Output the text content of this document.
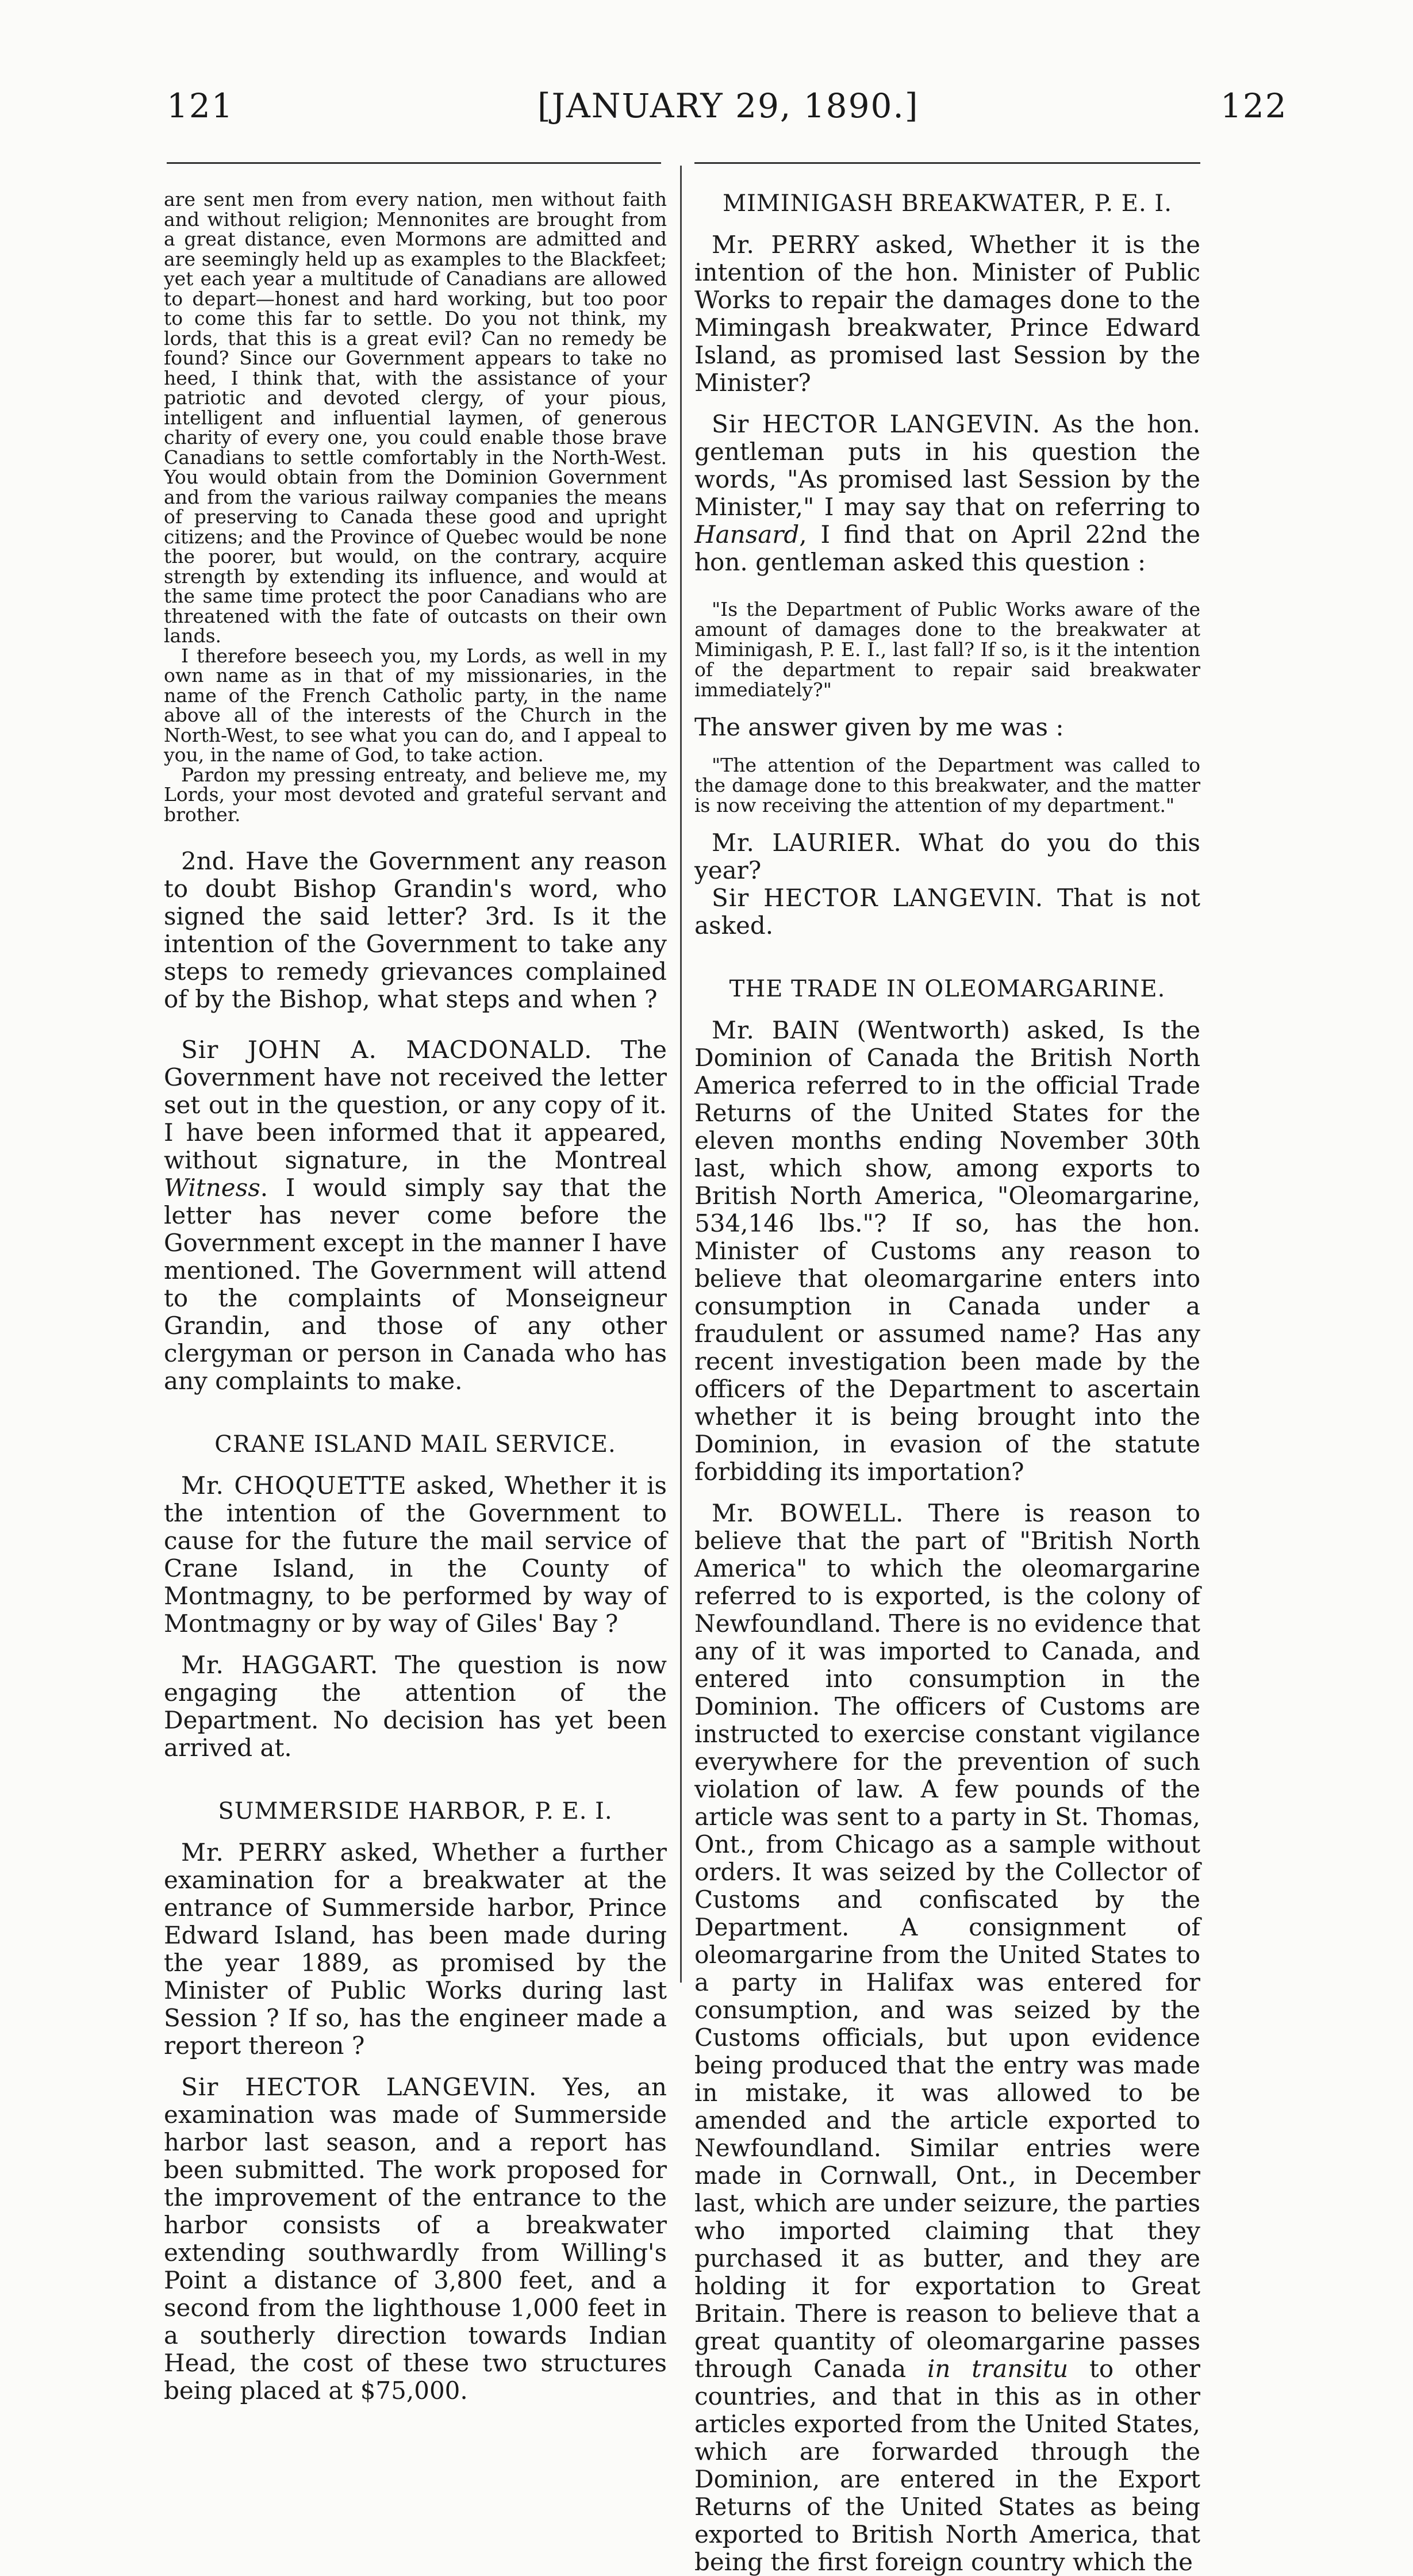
121	[JANUARY 29, 1890.]	122

are sent men from every nation, men without faith and without religion; Mennonites are brought from a great distance, even Mormons are admitted and are seemingly held up as examples to the Blackfeet; yet each year a multitude of Canadians are allowed to depart—honest and hard working, but too poor to come this far to settle. Do you not think, my lords, that this is a great evil? Can no remedy be found? Since our Government appears to take no heed, I think that, with the assistance of your patriotic and devoted clergy, of your pious, intelligent and influential laymen, of generous charity of every one, you could enable those brave Canadians to settle comfortably in the North-West. You would obtain from the Dominion Government and from the various railway companies the means of preserving to Canada these good and upright citizens; and the Province of Quebec would be none the poorer, but would, on the contrary, acquire strength by extending its influence, and would at the same time protect the poor Canadians who are threatened with the fate of outcasts on their own lands.

I therefore beseech you, my Lords, as well in my own name as in that of my missionaries, in the name of the French Catholic party, in the name above all of the interests of the Church in the North-West, to see what you can do, and I appeal to you, in the name of God, to take action.

Pardon my pressing entreaty, and believe me, my Lords, your most devoted and grateful servant and brother.

2nd. Have the Government any reason to doubt Bishop Grandin's word, who signed the said letter? 3rd. Is it the intention of the Government to take any steps to remedy grievances complained of by the Bishop, what steps and when ?

Sir JOHN A. MACDONALD. The Government have not received the letter set out in the question, or any copy of it. I have been informed that it appeared, without signature, in the Montreal Witness. I would simply say that the letter has never come before the Government except in the manner I have mentioned. The Government will attend to the complaints of Monseigneur Grandin, and those of any other clergyman or person in Canada who has any complaints to make.

CRANE ISLAND MAIL SERVICE.

Mr. CHOQUETTE asked, Whether it is the intention of the Government to cause for the future the mail service of Crane Island, in the County of Montmagny, to be performed by way of Montmagny or by way of Giles' Bay ?

Mr. HAGGART. The question is now engaging the attention of the Department. No decision has yet been arrived at.

SUMMERSIDE HARBOR, P. E. I.

Mr. PERRY asked, Whether a further examination for a breakwater at the entrance of Summerside harbor, Prince Edward Island, has been made during the year 1889, as promised by the Minister of Public Works during last Session ? If so, has the engineer made a report thereon ?

Sir HECTOR LANGEVIN. Yes, an examination was made of Summerside harbor last season, and a report has been submitted. The work proposed for the improvement of the entrance to the harbor consists of a breakwater extending southwardly from Willing's Point a distance of 3,800 feet, and a second from the lighthouse 1,000 feet in a southerly direction towards Indian Head, the cost of these two structures being placed at $75,000.

MIMINIGASH BREAKWATER, P. E. I.

Mr. PERRY asked, Whether it is the intention of the hon. Minister of Public Works to repair the damages done to the Mimingash breakwater, Prince Edward Island, as promised last Session by the Minister?

Sir HECTOR LANGEVIN. As the hon. gentleman puts in his question the words, "As promised last Session by the Minister," I may say that on referring to Hansard, I find that on April 22nd the hon. gentleman asked this question :

"Is the Department of Public Works aware of the amount of damages done to the breakwater at Miminigash, P. E. I., last fall? If so, is it the intention of the department to repair said breakwater immediately?"

The answer given by me was :

"The attention of the Department was called to the damage done to this breakwater, and the matter is now receiving the attention of my department."

Mr. LAURIER. What do you do this year?

Sir HECTOR LANGEVIN. That is not asked.

THE TRADE IN OLEOMARGARINE.

Mr. BAIN (Wentworth) asked, Is the Dominion of Canada the British North America referred to in the official Trade Returns of the United States for the eleven months ending November 30th last, which show, among exports to British North America, "Oleomargarine, 534,146 lbs."? If so, has the hon. Minister of Customs any reason to believe that oleomargarine enters into consumption in Canada under a fraudulent or assumed name? Has any recent investigation been made by the officers of the Department to ascertain whether it is being brought into the Dominion, in evasion of the statute forbidding its importation?

Mr. BOWELL. There is reason to believe that the part of "British North America" to which the oleomargarine referred to is exported, is the colony of Newfoundland. There is no evidence that any of it was imported to Canada, and entered into consumption in the Dominion. The officers of Customs are instructed to exercise constant vigilance everywhere for the prevention of such violation of law. A few pounds of the article was sent to a party in St. Thomas, Ont., from Chicago as a sample without orders. It was seized by the Collector of Customs and confiscated by the Department. A consignment of oleomargarine from the United States to a party in Halifax was entered for consumption, and was seized by the Customs officials, but upon evidence being produced that the entry was made in mistake, it was allowed to be amended and the article exported to Newfoundland. Similar entries were made in Cornwall, Ont., in December last, which are under seizure, the parties who imported claiming that they purchased it as butter, and they are holding it for exportation to Great Britain. There is reason to believe that a great quantity of oleomargarine passes through Canada in transitu to other countries, and that in this as in other articles exported from the United States, which are forwarded through the Dominion, are entered in the Export Returns of the United States as being exported to British North America, that being the first foreign country which the
